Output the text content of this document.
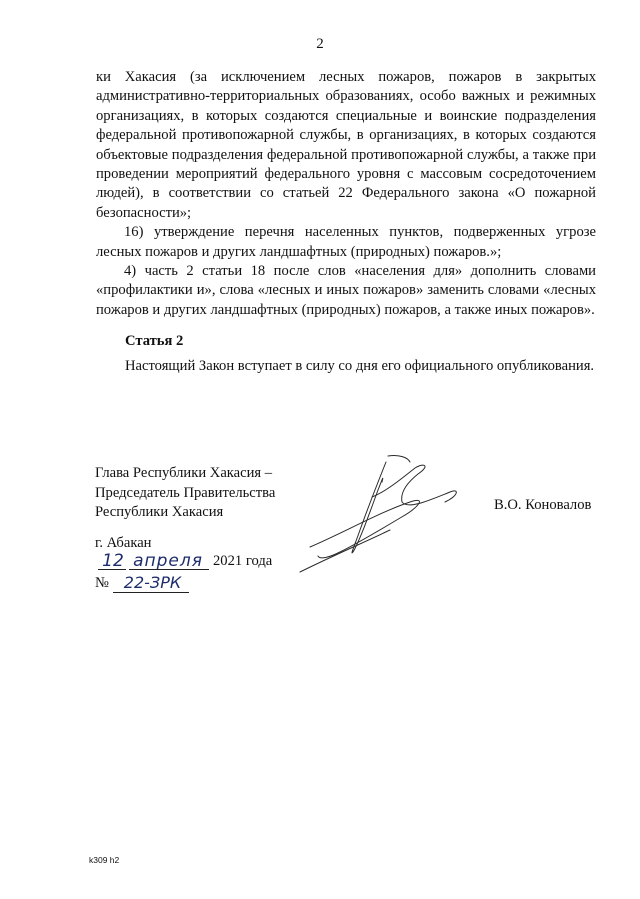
2

ки Хакасия (за исключением лесных пожаров, пожаров в закрытых административно-территориальных образованиях, особо важных и режимных организациях, в которых создаются специальные и воинские подразделения федеральной противопожарной службы, в организациях, в которых создаются объектовые подразделения федеральной противопожарной службы, а также при проведении мероприятий федерального уровня с массовым сосредоточением людей), в соответствии со статьей 22 Федерального закона «О пожарной безопасности»;

16) утверждение перечня населенных пунктов, подверженных угрозе лесных пожаров и других ландшафтных (природных) пожаров.»;

4) часть 2 статьи 18 после слов «населения для» дополнить словами «профилактики и», слова «лесных и иных пожаров» заменить словами «лесных пожаров и других ландшафтных (природных) пожаров, а также иных пожаров».

Статья 2
Настоящий Закон вступает в силу со дня его официального опубликования.
Глава Республики Хакасия –
Председатель Правительства
Республики Хакасия	В.О. Коновалов
г. Абакан
12 апреля 2021 года
№ 22-ЗРК
k309 h2
